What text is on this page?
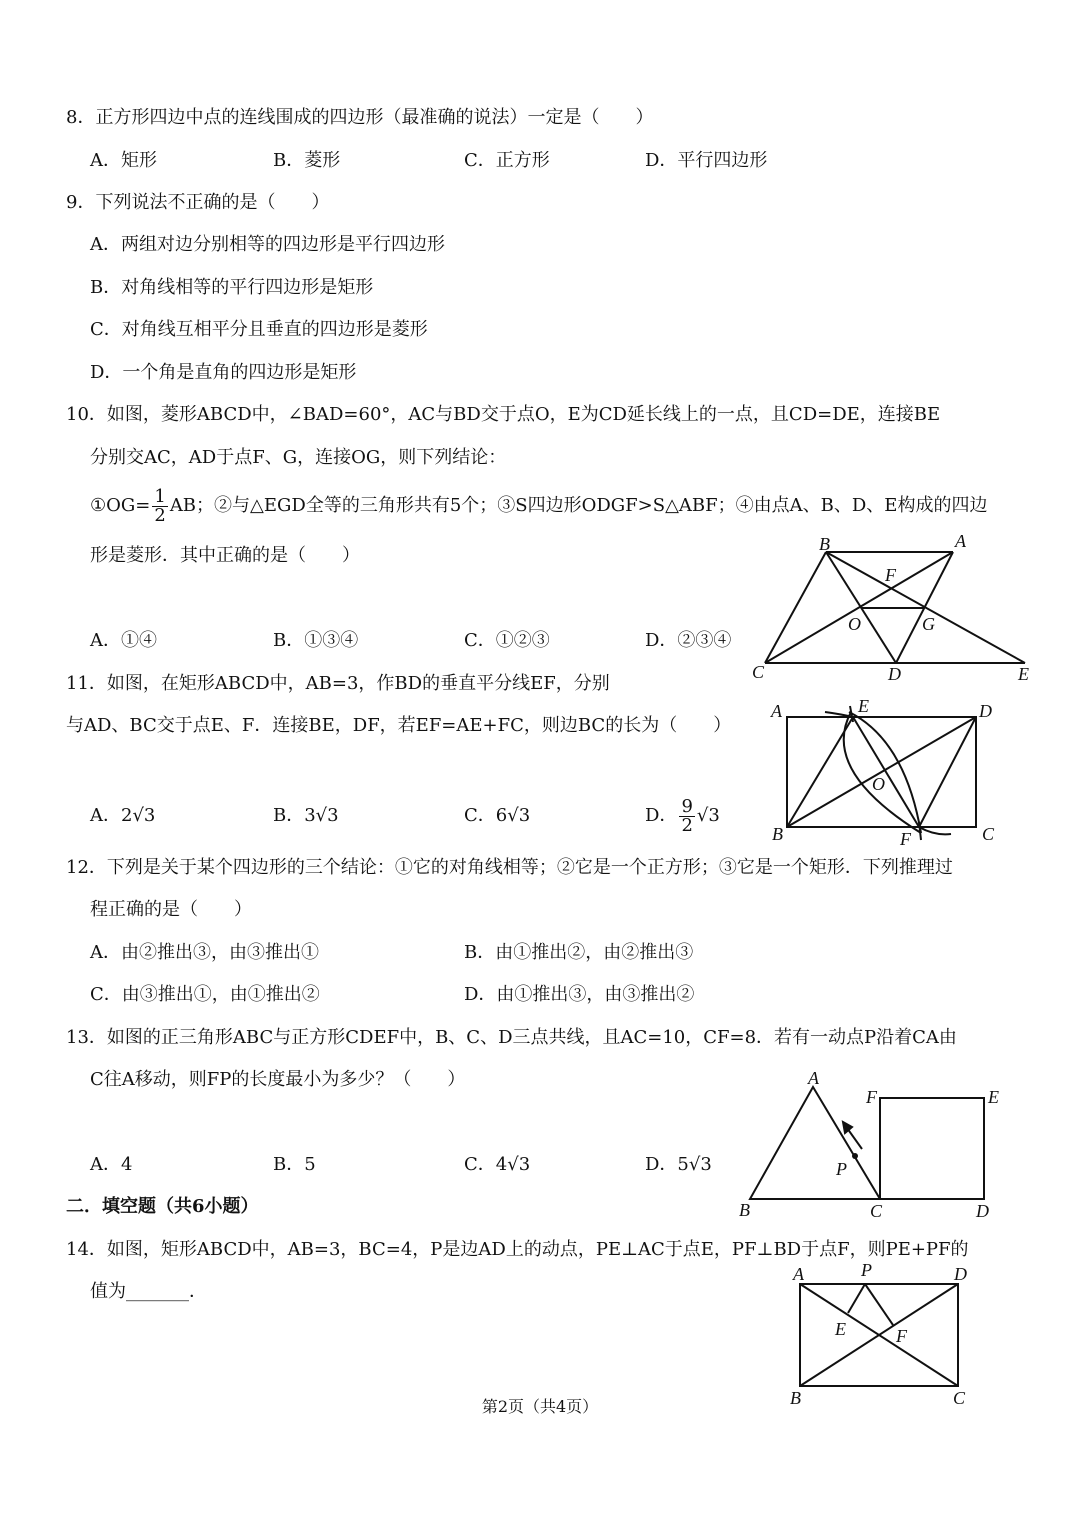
8．正方形四边中点的连线围成的四边形（最准确的说法）一定是（　　）
A．矩形	B．菱形	C．正方形	D．平行四边形
9．下列说法不正确的是（　　）
A．两组对边分别相等的四边形是平行四边形
B．对角线相等的平行四边形是矩形
C．对角线互相平分且垂直的四边形是菱形
D．一个角是直角的四边形是矩形
10．如图，菱形ABCD中，∠BAD=60°，AC与BD交于点O，E为CD延长线上的一点，且CD=DE，连接BE
分别交AC，AD于点F、G，连接OG，则下列结论：
①OG= $\frac{1}{2}$ AB；②与△EGD全等的三角形共有5个；③S四边形ODGF>S△ABF；④由点A、B、D、E构成的四边
形是菱形．其中正确的是（　　）
A．①④	B．①③④	C．①②③	D．②③④
11．如图，在矩形ABCD中，AB=3，作BD的垂直平分线EF，分别
与AD、BC交于点E、F．连接BE，DF，若EF=AE+FC，则边BC的长为（　　）
A．2√3	B．3√3	C．6√3	D． $\frac{9}{2} √3$
12．下列是关于某个四边形的三个结论：①它的对角线相等；②它是一个正方形；③它是一个矩形．下列推理过
程正确的是（　　）
A．由②推出③，由③推出①	B．由①推出②，由②推出③
C．由③推出①，由①推出②	D．由①推出③，由③推出②
13．如图的正三角形ABC与正方形CDEF中，B、C、D三点共线，且AC=10，CF=8．若有一动点P沿着CA由
C往A移动，则FP的长度最小为多少？（　　）
A．4	B．5	C．4√3	D．5√3
二．填空题（共6小题）
14．如图，矩形ABCD中，AB=3，BC=4，P是边AD上的动点，PE⊥AC于点E，PF⊥BD于点F，则PE+PF的
值为_______．
B	A
F
O	G
C	D	E
A	E	D
O
B	F	C
A
F	E
P
B	C	D
A	P	D
E	F
B	C
第2页（共4页）
